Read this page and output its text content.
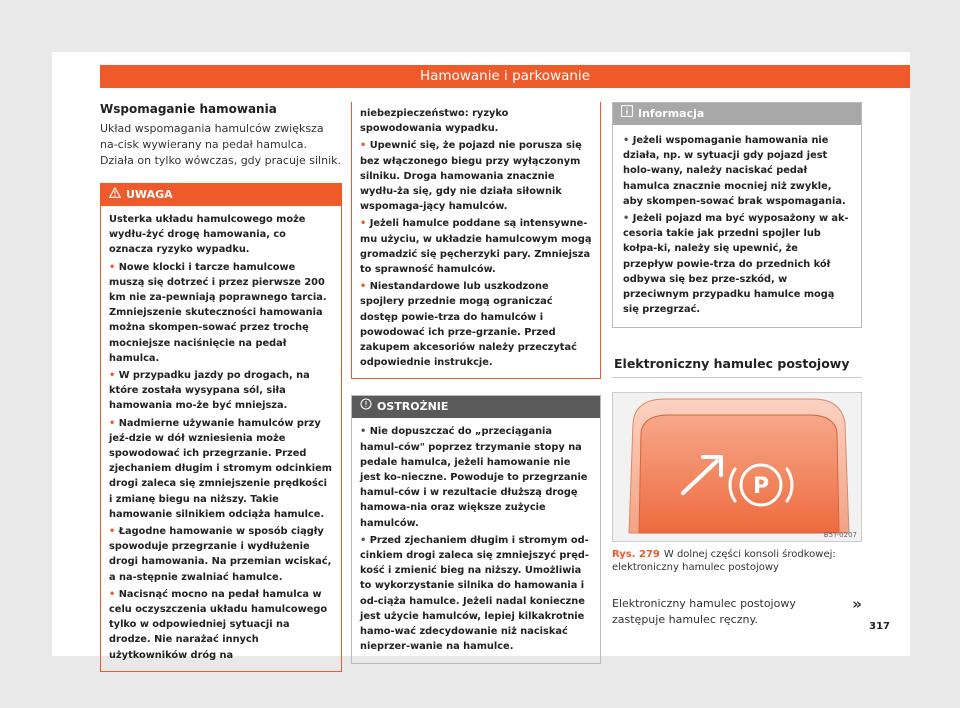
Hamowanie i parkowanie
Wspomaganie hamowania
Układ wspomagania hamulców zwiększa na-cisk wywierany na pedał hamulca. Działa on tylko wówczas, gdy pracuje silnik.
UWAGA

Usterka układu hamulcowego może wydłu-żyć drogę hamowania, co oznacza ryzyko wypadku.

• Nowe klocki i tarcze hamulcowe muszą się dotrzeć i przez pierwsze 200 km nie za-pewniają poprawnego tarcia. Zmniejszenie skuteczności hamowania można skompen-sować przez trochę mocniejsze naciśnięcie na pedał hamulca.

• W przypadku jazdy po drogach, na które została wysypana sól, siła hamowania mo-że być mniejsza.

• Nadmierne używanie hamulców przy jeź-dzie w dół wzniesienia może spowodować ich przegrzanie. Przed zjechaniem długim i stromym odcinkiem drogi zaleca się zmniejszenie prędkości i zmianę biegu na niższy. Takie hamowanie silnikiem odciąża hamulce.

• Łagodne hamowanie w sposób ciągły spowoduje przegrzanie i wydłużenie drogi hamowania. Na przemian wciskać, a na-stępnie zwalniać hamulce.

• Nacisnąć mocno na pedał hamulca w celu oczyszczenia układu hamulcowego tylko w odpowiedniej sytuacji na drodze. Nie narażać innych użytkowników dróg na

niebezpieczeństwo: ryzyko spowodowania wypadku.

• Upewnić się, że pojazd nie porusza się bez włączonego biegu przy wyłączonym silniku. Droga hamowania znacznie wydłu-ża się, gdy nie działa siłownik wspomaga-jący hamulców.

• Jeżeli hamulce poddane są intensywne-mu użyciu, w układzie hamulcowym mogą gromadzić się pęcherzyki pary. Zmniejsza to sprawność hamulców.

• Niestandardowe lub uszkodzone spojlery przednie mogą ograniczać dostęp powie-trza do hamulców i powodować ich prze-grzanie. Przed zakupem akcesoriów należy przeczytać odpowiednie instrukcje.

OSTROŻNIE

• Nie dopuszczać do „przeciągania hamul-ców" poprzez trzymanie stopy na pedale hamulca, jeżeli hamowanie nie jest ko-nieczne. Powoduje to przegrzanie hamul-ców i w rezultacie dłuższą drogę hamowa-nia oraz większe zużycie hamulców.

• Przed zjechaniem długim i stromym od-cinkiem drogi zaleca się zmniejszyć pręd-kość i zmienić bieg na niższy. Umożliwia to wykorzystanie silnika do hamowania i od-ciąża hamulce. Jeżeli nadal konieczne jest użycie hamulców, lepiej kilkakrotnie hamo-wać zdecydowanie niż naciskać nieprzer-wanie na hamulce.

Informacja

• Jeżeli wspomaganie hamowania nie działa, np. w sytuacji gdy pojazd jest holo-wany, należy naciskać pedał hamulca znacznie mocniej niż zwykle, aby skompen-sować brak wspomagania.

• Jeżeli pojazd ma być wyposażony w ak-cesoria takie jak przedni spojler lub kołpa-ki, należy się upewnić, że przepływ powie-trza do przednich kół odbywa się bez prze-szkód, w przeciwnym przypadku hamulce mogą się przegrzać.

Elektroniczny hamulec postojowy
P
B5T-0207
Rys. 279 W dolnej części konsoli środkowej: elektroniczny hamulec postojowy
»
Elektroniczny hamulec postojowy zastępuje hamulec ręczny.
317
